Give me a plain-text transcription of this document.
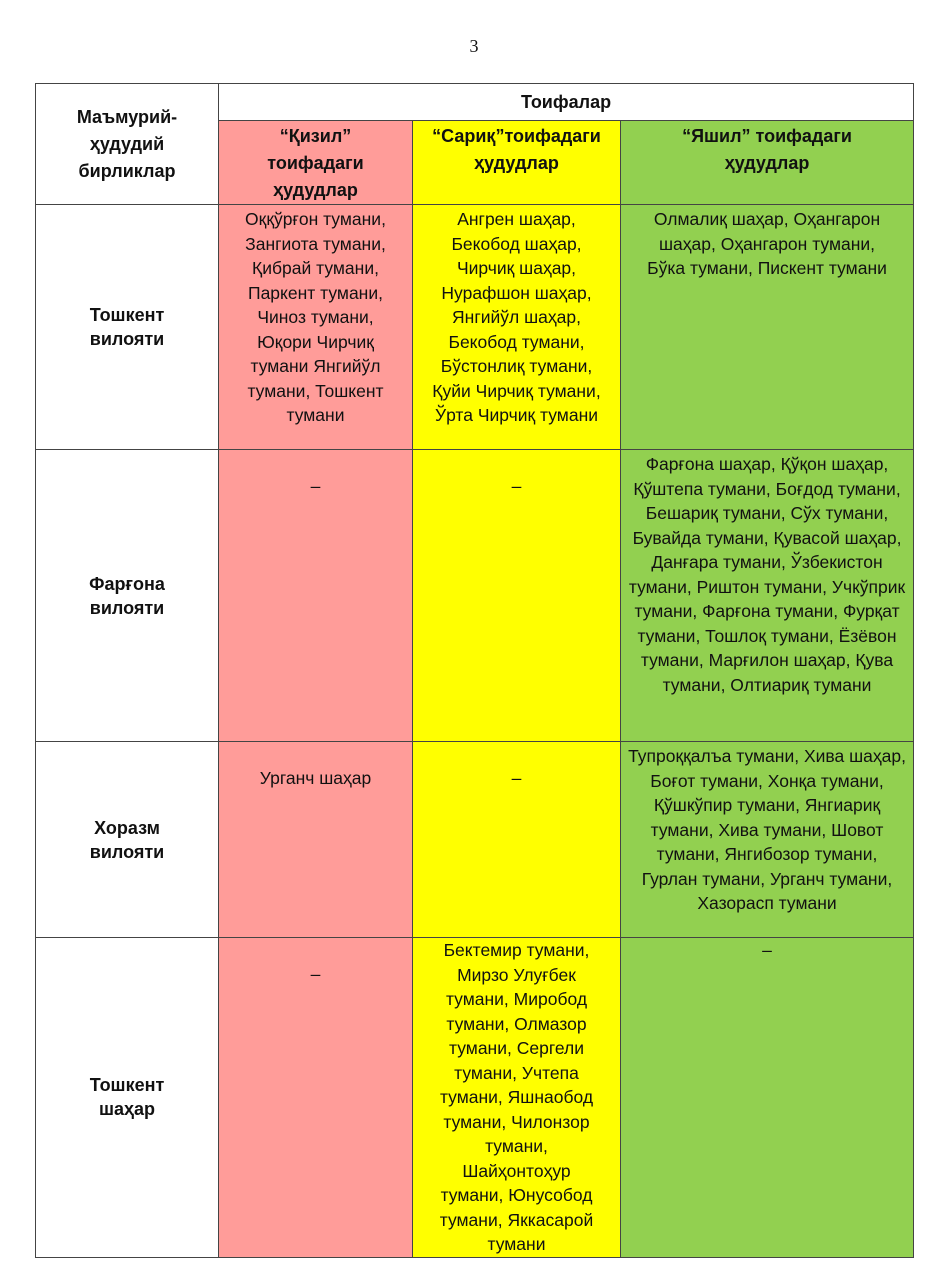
3
Маъмурий-ҳудудий бирликлар	Тоифалар		
	“Қизил” тоифадаги ҳудудлар	“Сариқ”тоифадаги ҳудудлар	“Яшил” тоифадаги ҳудудлар
Тошкент вилояти	Оққўрғон тумани, Зангиота тумани, Қибрай тумани, Паркент тумани, Чиноз тумани, Юқори Чирчиқ тумани Янгийўл тумани, Тошкент тумани	Ангрен шаҳар, Бекобод шаҳар, Чирчиқ шаҳар, Нурафшон шаҳар, Янгийўл шаҳар, Бекобод тумани, Бўстонлиқ тумани, Қуйи Чирчиқ тумани, Ўрта Чирчиқ тумани	Олмалиқ шаҳар, Оҳангарон шаҳар, Оҳангарон тумани, Бўка тумани, Пискент тумани
Фарғона вилояти	–	–	Фарғона шаҳар, Қўқон шаҳар, Қўштепа тумани, Боғдод тумани, Бешариқ тумани, Сўх тумани, Бувайда тумани, Қувасой шаҳар, Данғара тумани, Ўзбекистон тумани, Риштон тумани, Учкўприк тумани, Фарғона тумани, Фурқат тумани, Тошлоқ тумани, Ёзёвон тумани, Марғилон шаҳар, Қува тумани, Олтиариқ тумани
Хоразм вилояти	Урганч шаҳар	–	Тупроққалъа тумани, Хива шаҳар, Боғот тумани, Хонқа тумани, Қўшкўпир тумани, Янгиариқ тумани, Хива тумани, Шовот тумани, Янгибозор тумани, Гурлан тумани, Урганч тумани, Хазорасп тумани
Тошкент шаҳар	–	Бектемир тумани, Мирзо Улуғбек тумани, Миробод тумани, Олмазор тумани, Сергели тумани, Учтепа тумани, Яшнаобод тумани, Чилонзор тумани, Шайҳонтоҳур тумани, Юнусобод тумани, Яккасарой тумани	–
